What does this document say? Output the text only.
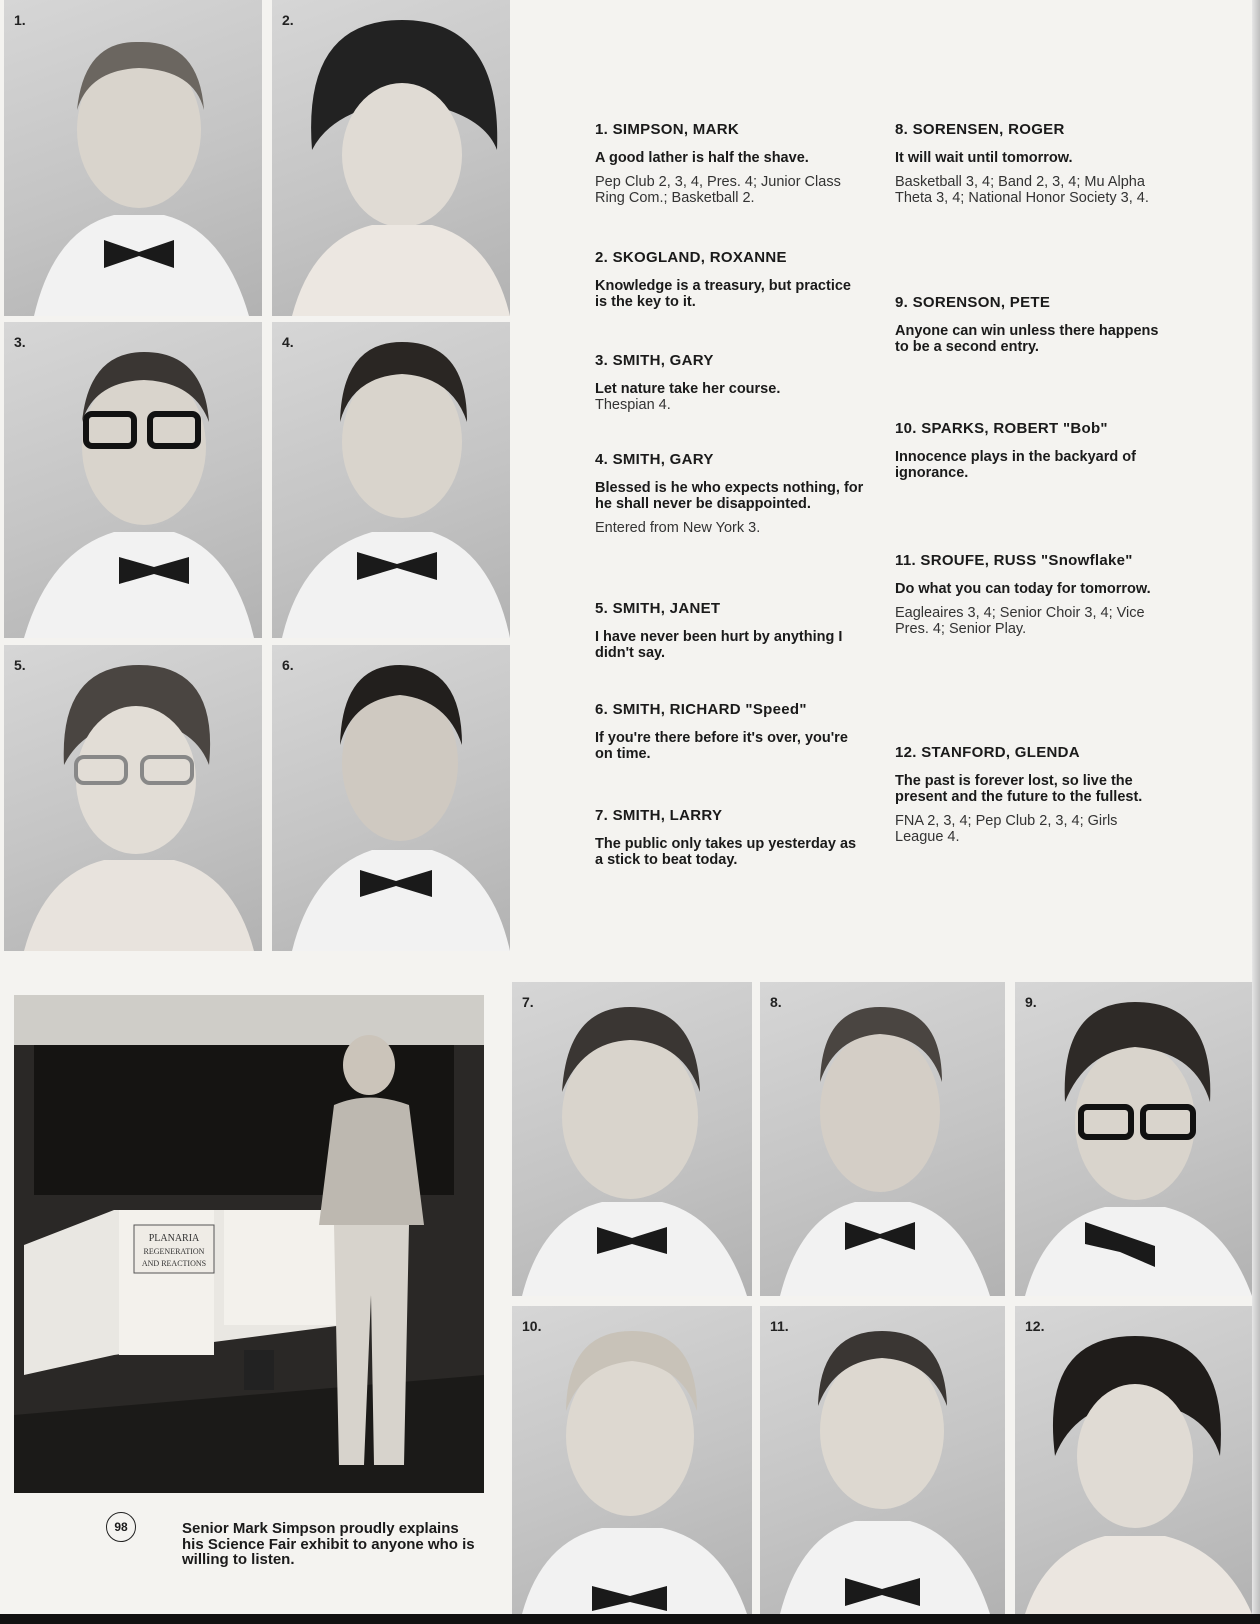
1.	2.
3.	4.
5.	6.
1. SIMPSON, MARK
A good lather is half the shave.
Pep Club 2, 3, 4, Pres. 4; Junior Class Ring Com.; Basketball 2.
2. SKOGLAND, ROXANNE
Knowledge is a treasury, but practice is the key to it.
3. SMITH, GARY
Let nature take her course.
Thespian 4.
4. SMITH, GARY
Blessed is he who expects nothing, for he shall never be disappointed.
Entered from New York 3.
5. SMITH, JANET
I have never been hurt by anything I didn't say.
6. SMITH, RICHARD "Speed"
If you're there before it's over, you're on time.
7. SMITH, LARRY
The public only takes up yesterday as a stick to beat today.
8. SORENSEN, ROGER
It will wait until tomorrow.
Basketball 3, 4; Band 2, 3, 4; Mu Alpha Theta 3, 4; National Honor Society 3, 4.
9. SORENSON, PETE
Anyone can win unless there happens to be a second entry.
10. SPARKS, ROBERT "Bob"
Innocence plays in the backyard of ignorance.
11. SROUFE, RUSS "Snowflake"
Do what you can today for tomorrow.
Eagleaires 3, 4; Senior Choir 3, 4; Vice Pres. 4; Senior Play.
12. STANFORD, GLENDA
The past is forever lost, so live the present and the future to the fullest.
FNA 2, 3, 4; Pep Club 2, 3, 4; Girls League 4.
PLANARIA
REGENERATION
AND REACTIONS
98	Senior Mark Simpson proudly explains his Science Fair exhibit to anyone who is willing to listen.
7.	8.	9.
10.	11.	12.
